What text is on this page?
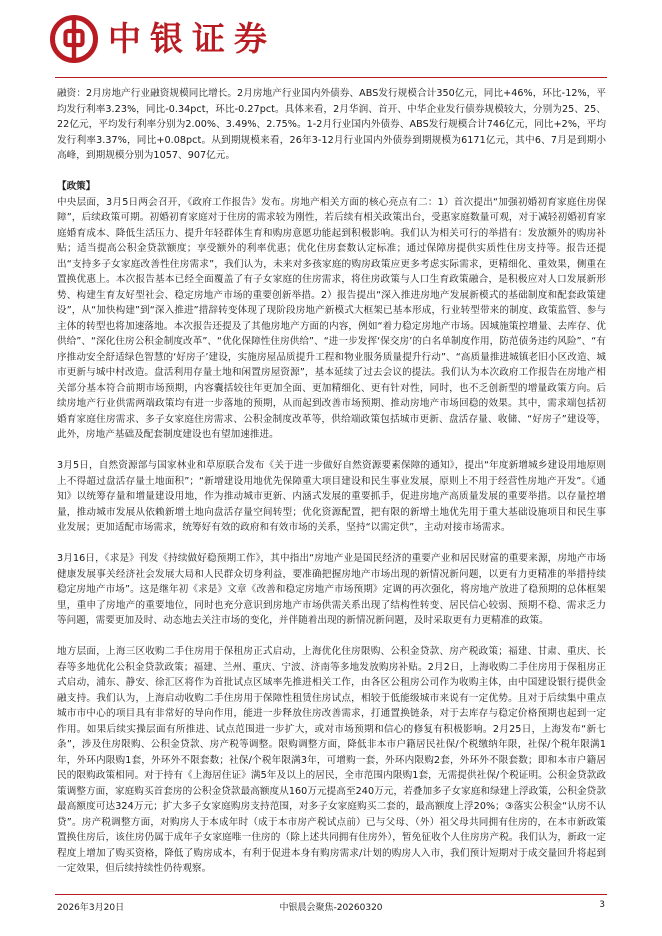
中银证券

融资：2月房地产行业融资规模同比增长。2月房地产行业国内外债券、ABS发行规模合计350亿元，同比+46%，环比-12%，平均发行利率3.23%，同比-0.34pct，环比-0.27pct。具体来看，2月华润、首开、中华企业发行债券规模较大，分别为25、25、22亿元，平均发行利率分别为2.00%、3.49%、2.75%。1-2月行业国内外债券、ABS发行规模合计746亿元，同比+2%，平均发行利率3.37%，同比+0.08pct。从到期规模来看，26年3-12月行业国内外债券到期规模为6171亿元，其中6、7月是到期小高峰，到期规模分别为1057、907亿元。

【政策】

中央层面，3月5日两会召开，《政府工作报告》发布。房地产相关方面的核心亮点有二：1）首次提出“加强初婚初育家庭住房保障”，后续政策可期。初婚初育家庭对于住房的需求较为刚性，若后续有相关政策出台，受惠家庭数量可观，对于减轻初婚初育家庭婚育成本、降低生活压力、提升年轻群体生育和购房意愿功能起到积极影响。我们认为相关可行的举措有：发放额外的购房补贴；适当提高公积金贷款额度；享受额外的利率优惠；优化住房套数认定标准；通过保障房提供实质性住房支持等。报告还提出“支持多子女家庭改善性住房需求”，我们认为，未来对多孩家庭的购房政策应更多考虑实际需求，更精细化、重效果，侧重在置换优惠上。本次报告基本已经全面覆盖了有子女家庭的住房需求，将住房政策与人口生育政策融合，是积极应对人口发展新形势、构建生育友好型社会、稳定房地产市场的重要创新举措。2）报告提出“深入推进房地产发展新模式的基础制度和配套政策建设”，从“加快构建”到“深入推进”措辞转变体现了现阶段房地产新模式大框架已基本形成，行业转型带来的制度、政策监管、参与主体的转型也将加速落地。本次报告还提及了其他房地产方面的内容，例如“着力稳定房地产市场。因城施策控增量、去库存、优供给”、“深化住房公积金制度改革”、“优化保障性住房供给”、“进一步发挥‘保交房’的白名单制度作用，防范债务违约风险”、“有序推动安全舒适绿色智慧的‘好房子’建设，实施房屋品质提升工程和物业服务质量提升行动”、“高质量推进城镇老旧小区改造、城市更新与城中村改造。盘活利用存量土地和闲置房屋资源”，基本延续了过去会议的提法。我们认为本次政府工作报告在房地产相关部分基本符合前期市场预期，内容囊括较往年更加全面、更加精细化、更有针对性，同时，也不乏创新型的增量政策方向。后续房地产行业供需两端政策均有进一步落地的预期，从而起到改善市场预期、推动房地产市场回稳的效果。其中，需求端包括初婚育家庭住房需求、多子女家庭住房需求、公积金制度改革等，供给端政策包括城市更新、盘活存量、收储、“好房子”建设等，此外，房地产基础及配套制度建设也有望加速推进。

3月5日，自然资源部与国家林业和草原联合发布《关于进一步做好自然资源要素保障的通知》，提出“年度新增城乡建设用地原则上不得超过盘活存量土地面积”；“新增建设用地优先保障重大项目建设和民生事业发展，原则上不用于经营性房地产开发”。《通知》以统筹存量和增量建设用地，作为推动城市更新、内涵式发展的重要抓手，促进房地产高质量发展的重要举措。以存量控增量，推动城市发展从依赖新增土地向盘活存量空间转型；优化资源配置，把有限的新增土地优先用于重大基础设施项目和民生事业发展；更加适配市场需求，统筹好有效的政府和有效市场的关系，坚持“以需定供”，主动对接市场需求。

3月16日，《求是》刊发《持续做好稳预期工作》，其中指出“房地产业是国民经济的重要产业和居民财富的重要来源，房地产市场健康发展事关经济社会发展大局和人民群众切身利益，要准确把握房地产市场出现的新情况新问题，以更有力更精准的举措持续稳定房地产市场”。这是继年初《求是》文章《改善和稳定房地产市场预期》定调的再次强化，将房地产放进了稳预期的总体框架里，重申了房地产的重要地位，同时也充分意识到房地产市场供需关系出现了结构性转变、居民信心较弱、预期不稳、需求乏力等问题，需要更加及时、动态地去关注市场的变化，并伴随着出现的新情况新问题，及时采取更有力更精准的政策。

地方层面，上海三区收购二手住房用于保租房正式启动，上海优化住房限购、公积金贷款、房产税政策；福建、甘肃、重庆、长春等多地优化公积金贷款政策；福建、兰州、重庆、宁波、济南等多地发放购房补贴。2月2日，上海收购二手住房用于保租房正式启动，浦东、静安、徐汇区将作为首批试点区域率先推进相关工作，由各区公租房公司作为收购主体，由中国建设银行提供金融支持。我们认为，上海启动收购二手住房用于保障性租赁住房试点，相较于低能级城市来说有一定优势。且对于后续集中重点城市市中心的项目具有非常好的导向作用，能进一步释放住房改善需求，打通置换链条，对于去库存与稳定价格预期也起到一定作用。如果后续实操层面有所推进、试点范围进一步扩大，或对市场预期和信心的修复有积极影响。2月25日，上海发布“新七条”，涉及住房限购、公积金贷款、房产税等调整。限购调整方面，降低非本市户籍居民社保/个税缴纳年限，社保/个税年限满1年，外环内限购1套，外环外不限套数；社保/个税年限满3年，可增购一套，外环内限购2套，外环外不限套数；即和本市户籍居民的限购政策相同。对于持有《上海居住证》满5年及以上的居民，全市范围内限购1套，无需提供社保/个税证明。公积金贷款政策调整方面，家庭购买首套房的公积金贷款最高额度从160万元提高至240万元，若叠加多子女家庭和绿建上浮政策，公积金贷款最高额度可达324万元；扩大多子女家庭购房支持范围，对多子女家庭购买二套的，最高额度上浮20%；③落实公积金“认房不认贷”。房产税调整方面，对购房人于本成年时（成于本市房产税试点前）已与父母、（外）祖父母共同拥有住房的，在本市新政策置换住房后，该住房仍属于成年子女家庭唯一住房的（除上述共同拥有住房外），暂免征收个人住房房产税。我们认为，新政一定程度上增加了购买资格，降低了购房成本，有利于促进本身有购房需求/计划的购房人入市，我们预计短期对于成交量回升将起到一定效果，但后续持续性仍待观察。

2026年3月20日	中银晨会聚焦-20260320	3
